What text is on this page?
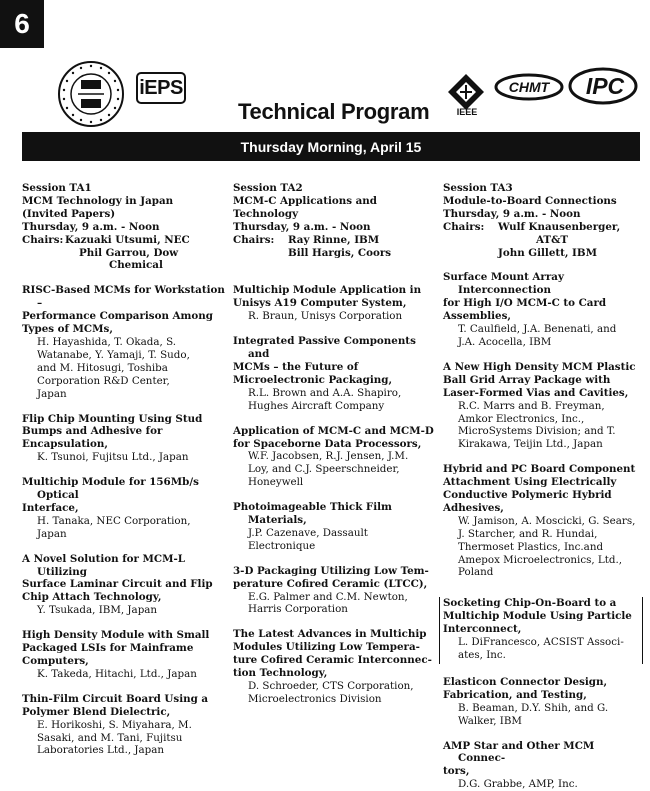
6
iEPS
Technical Program	IEEE
CHMT IPC
Thursday Morning, April 15
Session TA1
MCM Technology in Japan
(Invited Papers)
Thursday, 9 a.m. - Noon
Chairs: Kazuaki Utsumi, NEC
Phil Garrou, Dow
Chemical
RISC-Based MCMs for Workstation –
Performance Comparison Among
Types of MCMs,
H. Hayashida, T. Okada, S.
Watanabe, Y. Yamaji, T. Sudo,
and M. Hitosugi, Toshiba
Corporation R&D Center,
Japan
Flip Chip Mounting Using Stud
Bumps and Adhesive for
Encapsulation,
K. Tsunoi, Fujitsu Ltd., Japan
Multichip Module for 156Mb/s Optical
Interface,
H. Tanaka, NEC Corporation,
Japan
A Novel Solution for MCM-L Utilizing
Surface Laminar Circuit and Flip
Chip Attach Technology,
Y. Tsukada, IBM, Japan
High Density Module with Small
Packaged LSIs for Mainframe
Computers,
K. Takeda, Hitachi, Ltd., Japan
Thin-Film Circuit Board Using a
Polymer Blend Dielectric,
E. Horikoshi, S. Miyahara, M.
Sasaki, and M. Tani, Fujitsu
Laboratories Ltd., Japan
Session TA2
MCM-C Applications and Technology
Thursday, 9 a.m. - Noon
Chairs:	Ray Rinne, IBM
Bill Hargis, Coors
Multichip Module Application in
Unisys A19 Computer System,
R. Braun, Unisys Corporation
Integrated Passive Components and
MCMs – the Future of
Microelectronic Packaging,
R.L. Brown and A.A. Shapiro,
Hughes Aircraft Company
Application of MCM-C and MCM-D
for Spaceborne Data Processors,
W.F. Jacobsen, R.J. Jensen, J.M.
Loy, and C.J. Speerschneider,
Honeywell
Photoimageable Thick Film Materials,
J.P. Cazenave, Dassault
Electronique
3-D Packaging Utilizing Low Tem-
perature Cofired Ceramic (LTCC),
E.G. Palmer and C.M. Newton,
Harris Corporation
The Latest Advances in Multichip
Modules Utilizing Low Tempera-
ture Cofired Ceramic Interconnec-
tion Technology,
D. Schroeder, CTS Corporation,
Microelectronics Division
Session TA3
Module-to-Board Connections
Thursday, 9 a.m. - Noon
Chairs:	Wulf Knausenberger,
AT&T
John Gillett, IBM
Surface Mount Array Interconnection
for High I/O MCM-C to Card
Assemblies,
T. Caulfield, J.A. Benenati, and
J.A. Acocella, IBM
A New High Density MCM Plastic
Ball Grid Array Package with
Laser-Formed Vias and Cavities,
R.C. Marrs and B. Freyman,
Amkor Electronics, Inc.,
MicroSystems Division; and T.
Kirakawa, Teijin Ltd., Japan
Hybrid and PC Board Component
Attachment Using Electrically
Conductive Polymeric Hybrid
Adhesives,
W. Jamison, A. Moscicki, G. Sears,
J. Starcher, and R. Hundai,
Thermoset Plastics, Inc.and
Amepox Microelectronics, Ltd.,
Poland
Socketing Chip-On-Board to a
Multichip Module Using Particle
Interconnect,
L. DiFrancesco, ACSIST Associ-
ates, Inc.
Elasticon Connector Design,
Fabrication, and Testing,
B. Beaman, D.Y. Shih, and G.
Walker, IBM
AMP Star and Other MCM Connec-
tors,
D.G. Grabbe, AMP, Inc.
